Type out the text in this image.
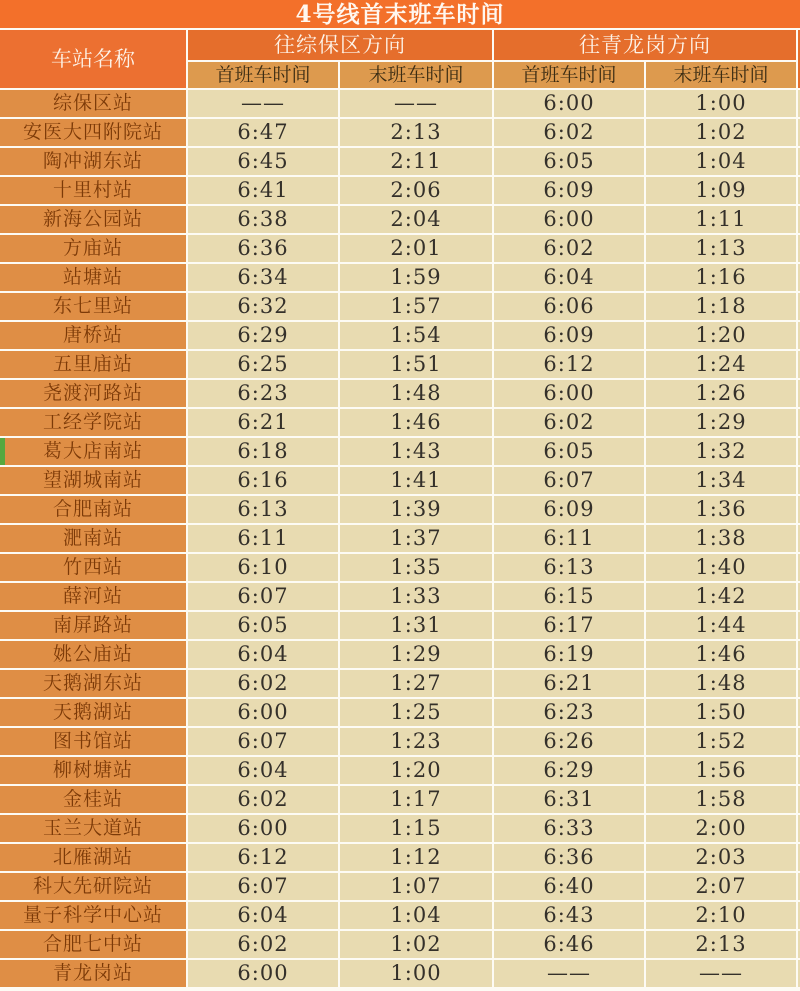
4号线首末班车时间
车站名称
往综保区方向	往青龙岗方向
首班车时间	末班车时间	首班车时间	末班车时间
综保区站	——	——	6:00	1:00
安医大四附院站	6:47	2:13	6:02	1:02
陶冲湖东站	6:45	2:11	6:05	1:04
十里村站	6:41	2:06	6:09	1:09
新海公园站	6:38	2:04	6:00	1:11
方庙站	6:36	2:01	6:02	1:13
站塘站	6:34	1:59	6:04	1:16
东七里站	6:32	1:57	6:06	1:18
唐桥站	6:29	1:54	6:09	1:20
五里庙站	6:25	1:51	6:12	1:24
尧渡河路站	6:23	1:48	6:00	1:26
工经学院站	6:21	1:46	6:02	1:29
葛大店南站	6:18	1:43	6:05	1:32
望湖城南站	6:16	1:41	6:07	1:34
合肥南站	6:13	1:39	6:09	1:36
淝南站	6:11	1:37	6:11	1:38
竹西站	6:10	1:35	6:13	1:40
薛河站	6:07	1:33	6:15	1:42
南屏路站	6:05	1:31	6:17	1:44
姚公庙站	6:04	1:29	6:19	1:46
天鹅湖东站	6:02	1:27	6:21	1:48
天鹅湖站	6:00	1:25	6:23	1:50
图书馆站	6:07	1:23	6:26	1:52
柳树塘站	6:04	1:20	6:29	1:56
金桂站	6:02	1:17	6:31	1:58
玉兰大道站	6:00	1:15	6:33	2:00
北雁湖站	6:12	1:12	6:36	2:03
科大先研院站	6:07	1:07	6:40	2:07
量子科学中心站	6:04	1:04	6:43	2:10
合肥七中站	6:02	1:02	6:46	2:13
青龙岗站	6:00	1:00	——	——
